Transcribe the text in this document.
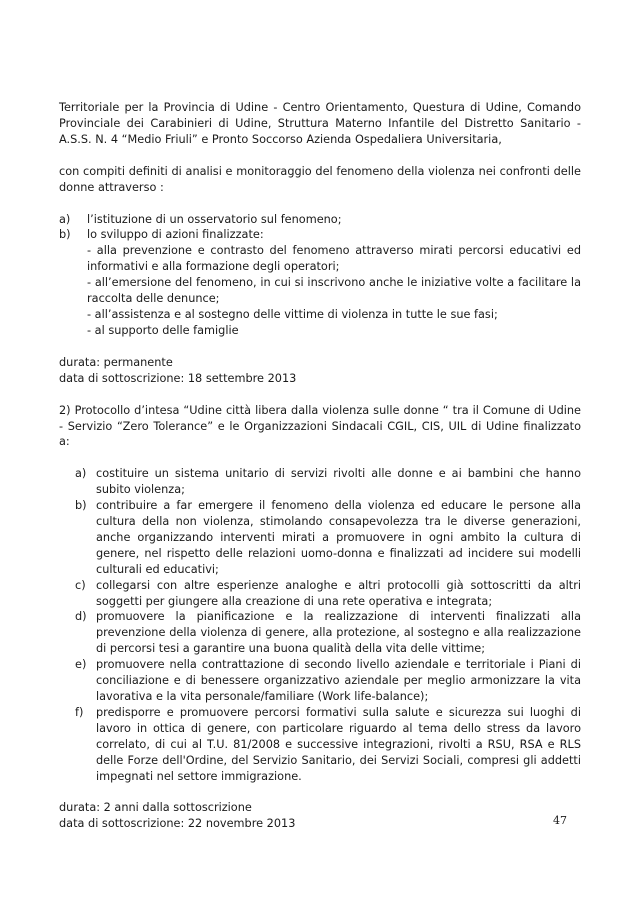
Territoriale per la Provincia di Udine - Centro Orientamento, Questura di Udine, Comando Provinciale dei Carabinieri di Udine, Struttura Materno Infantile del Distretto Sanitario - A.S.S. N. 4 “Medio Friuli” e Pronto Soccorso Azienda Ospedaliera Universitaria,

con compiti definiti di analisi e monitoraggio del fenomeno della violenza nei confronti delle donne attraverso :

a)	l’istituzione di un osservatorio sul fenomeno;
b)	lo sviluppo di azioni finalizzate:
- alla prevenzione e contrasto del fenomeno attraverso mirati percorsi educativi ed informativi e alla formazione degli operatori;
- all’emersione del fenomeno, in cui si inscrivono anche le iniziative volte a facilitare la raccolta delle denunce;
- all’assistenza e al sostegno delle vittime di violenza in tutte le sue fasi;
- al supporto delle famiglie

durata: permanente

data di sottoscrizione: 18 settembre 2013

2) Protocollo d’intesa “Udine città libera dalla violenza sulle donne “ tra il Comune di Udine - Servizio “Zero Tolerance” e le Organizzazioni Sindacali CGIL, CIS, UIL di Udine finalizzato a:

a) costituire un sistema unitario di servizi rivolti alle donne e ai bambini che hanno subito violenza;
b) contribuire a far emergere il fenomeno della violenza ed educare le persone alla cultura della non violenza, stimolando consapevolezza tra le diverse generazioni, anche organizzando interventi mirati a promuovere in ogni ambito la cultura di genere, nel rispetto delle relazioni uomo-donna e finalizzati ad incidere sui modelli culturali ed educativi;
c) collegarsi con altre esperienze analoghe e altri protocolli già sottoscritti da altri soggetti per giungere alla creazione di una rete operativa e integrata;
d) promuovere la pianificazione e la realizzazione di interventi finalizzati alla prevenzione della violenza di genere, alla protezione, al sostegno e alla realizzazione di percorsi tesi a garantire una buona qualità della vita delle vittime;
e) promuovere nella contrattazione di secondo livello aziendale e territoriale i Piani di conciliazione e di benessere organizzativo aziendale per meglio armonizzare la vita lavorativa e la vita personale/familiare (Work life-balance);
f)	predisporre e promuovere percorsi formativi sulla salute e sicurezza sui luoghi di lavoro in ottica di genere, con particolare riguardo al tema dello stress da lavoro correlato, di cui al T.U. 81/2008 e successive integrazioni, rivolti a RSU, RSA e RLS delle Forze dell'Ordine, del Servizio Sanitario, dei Servizi Sociali, compresi gli addetti impegnati nel settore immigrazione.

durata: 2 anni dalla sottoscrizione

data di sottoscrizione: 22 novembre 2013	47
